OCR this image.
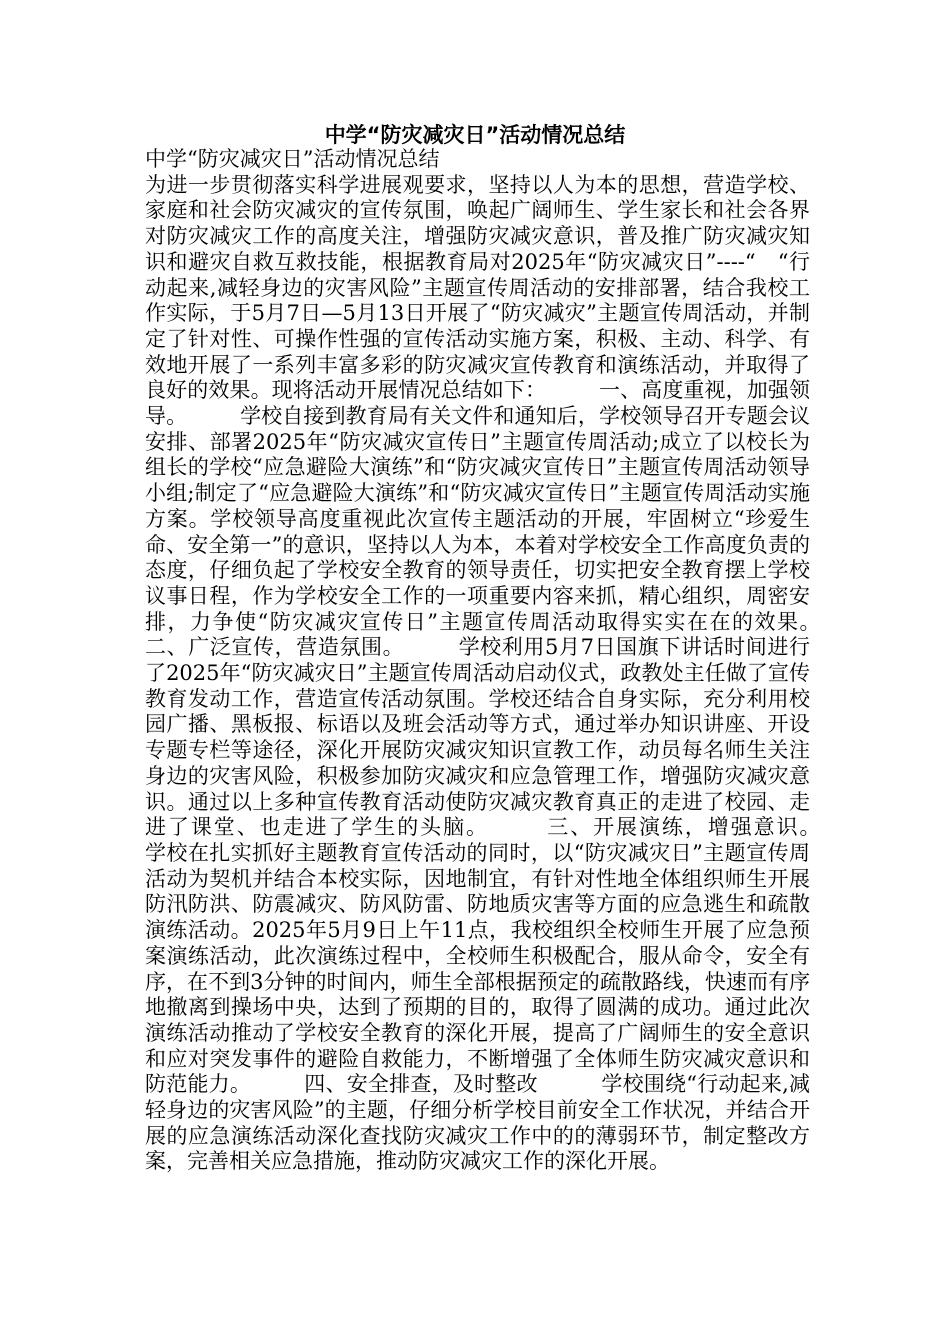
中学“防灾减灾日”活动情况总结

中学“防灾减灾日”活动情况总结

为进一步贯彻落实科学进展观要求，坚持以人为本的思想，营造学校、家庭和社会防灾减灾的宣传氛围，唤起广阔师生、学生家长和社会各界对防灾减灾工作的高度关注，增强防灾减灾意识，普及推广防灾减灾知识和避灾自救互救技能，根据教育局对2025年“防灾减灾日”----“　“行动起来,减轻身边的灾害风险”主题宣传周活动的安排部署，结合我校工作实际，于5月7日—5月13日开展了“防灾减灾”主题宣传周活动，并制定了针对性、可操作性强的宣传活动实施方案，积极、主动、科学、有效地开展了一系列丰富多彩的防灾减灾宣传教育和演练活动，并取得了良好的效果。现将活动开展情况总结如下：　　　一、高度重视，加强领导。　　　学校自接到教育局有关文件和通知后，学校领导召开专题会议安排、部署2025年“防灾减灾宣传日”主题宣传周活动;成立了以校长为组长的学校“应急避险大演练”和“防灾减灾宣传日”主题宣传周活动领导小组;制定了“应急避险大演练”和“防灾减灾宣传日”主题宣传周活动实施方案。学校领导高度重视此次宣传主题活动的开展，牢固树立“珍爱生命、安全第一”的意识，坚持以人为本，本着对学校安全工作高度负责的态度，仔细负起了学校安全教育的领导责任，切实把安全教育摆上学校议事日程，作为学校安全工作的一项重要内容来抓，精心组织，周密安排，力争使“防灾减灾宣传日”主题宣传周活动取得实实在在的效果。　　　二、广泛宣传，营造氛围。　　　学校利用5月7日国旗下讲话时间进行了2025年“防灾减灾日”主题宣传周活动启动仪式，政教处主任做了宣传教育发动工作，营造宣传活动氛围。学校还结合自身实际，充分利用校园广播、黑板报、标语以及班会活动等方式，通过举办知识讲座、开设专题专栏等途径，深化开展防灾减灾知识宣教工作，动员每名师生关注身边的灾害风险，积极参加防灾减灾和应急管理工作，增强防灾减灾意识。通过以上多种宣传教育活动使防灾减灾教育真正的走进了校园、走进了课堂、也走进了学生的头脑。　　　三、开展演练，增强意识。　　　学校在扎实抓好主题教育宣传活动的同时，以“防灾减灾日”主题宣传周活动为契机并结合本校实际，因地制宜，有针对性地全体组织师生开展防汛防洪、防震减灾、防风防雷、防地质灾害等方面的应急逃生和疏散演练活动。2025年5月9日上午11点，我校组织全校师生开展了应急预案演练活动，此次演练过程中，全校师生积极配合，服从命令，安全有序，在不到3分钟的时间内，师生全部根据预定的疏散路线，快速而有序地撤离到操场中央，达到了预期的目的，取得了圆满的成功。通过此次演练活动推动了学校安全教育的深化开展，提高了广阔师生的安全意识和应对突发事件的避险自救能力，不断增强了全体师生防灾减灾意识和防范能力。　　　四、安全排查，及时整改　　　学校围绕“行动起来,减轻身边的灾害风险”的主题，仔细分析学校目前安全工作状况，并结合开展的应急演练活动深化查找防灾减灾工作中的的薄弱环节，制定整改方案，完善相关应急措施，推动防灾减灾工作的深化开展。
